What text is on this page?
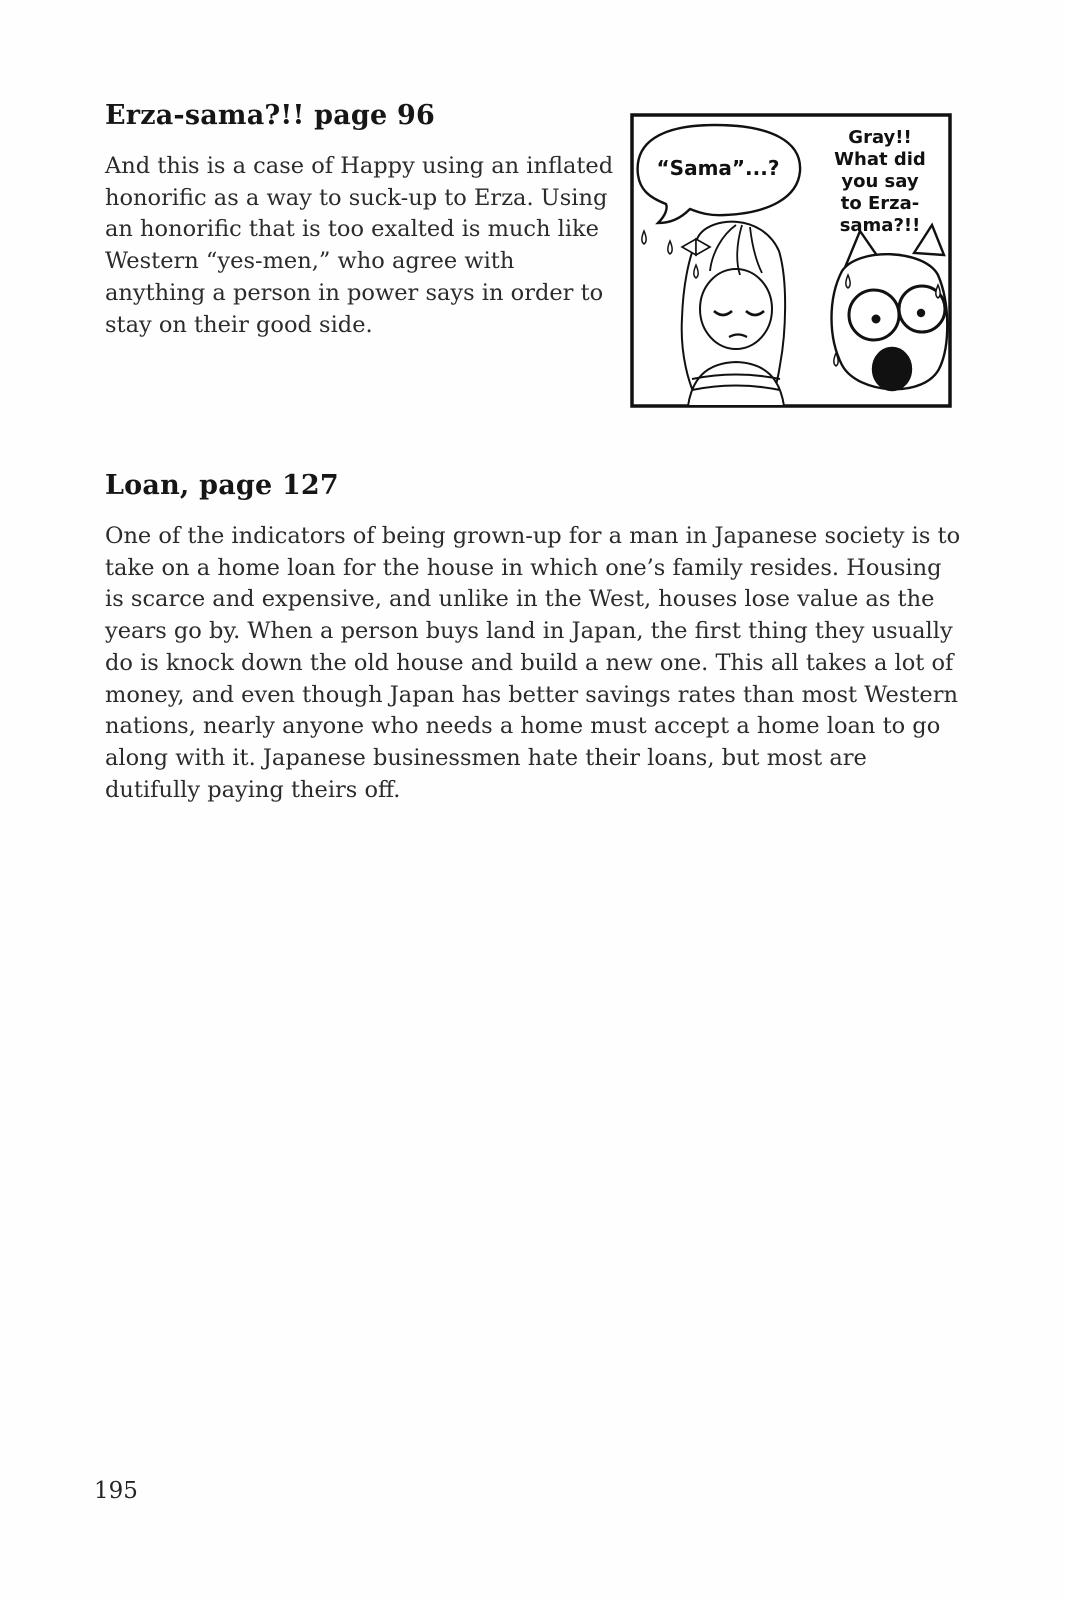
Erza-sama?!! page 96

And this is a case of Happy using an inflated honorific as a way to suck-up to Erza. Using an honorific that is too exalted is much like Western “yes-men,” who agree with anything a person in power says in order to stay on their good side.

“Sama”...?
Gray!!
What did
you say
to Erza-
sama?!!
Loan, page 127

One of the indicators of being grown-up for a man in Japanese society is to take on a home loan for the house in which one’s family resides. Housing is scarce and expensive, and unlike in the West, houses lose value as the years go by. When a person buys land in Japan, the first thing they usually do is knock down the old house and build a new one. This all takes a lot of money, and even though Japan has better savings rates than most Western nations, nearly anyone who needs a home must accept a home loan to go along with it. Japanese businessmen hate their loans, but most are dutifully paying theirs off.

195
